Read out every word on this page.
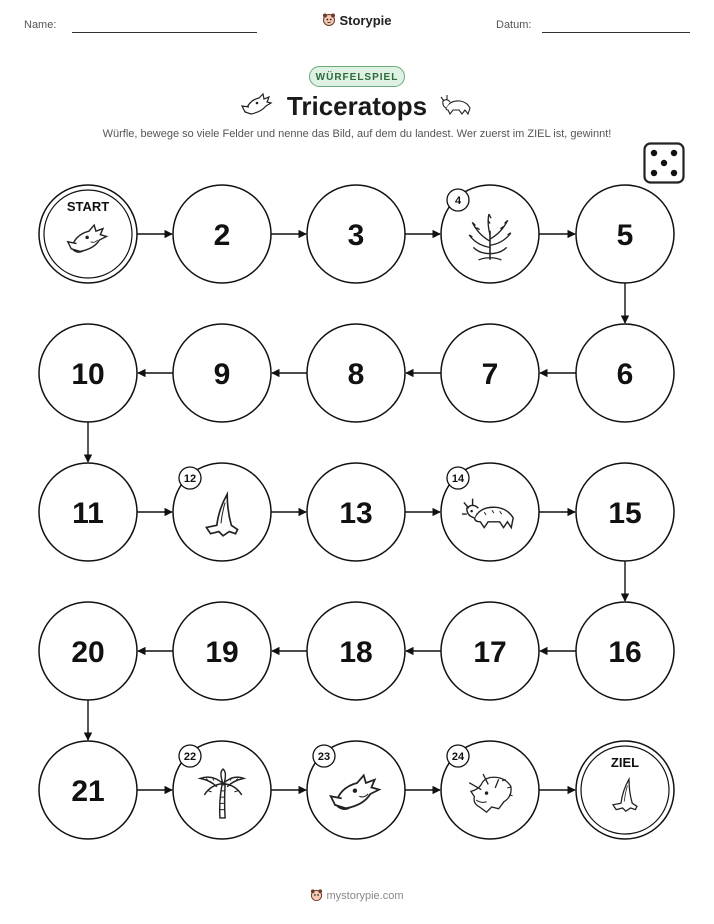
Name:	Storypie	Datum:
WÜRFELSPIEL
Triceratops
Würfle, bewege so viele Felder und nenne das Bild, auf dem du landest. Wer zuerst im ZIEL ist, gewinnt!
START
2	3
4
5
6
7
8
9
10
11
12
13
14
15
16
17
18
19
20
21
22	23	24	ZIEL
mystorypie.com
